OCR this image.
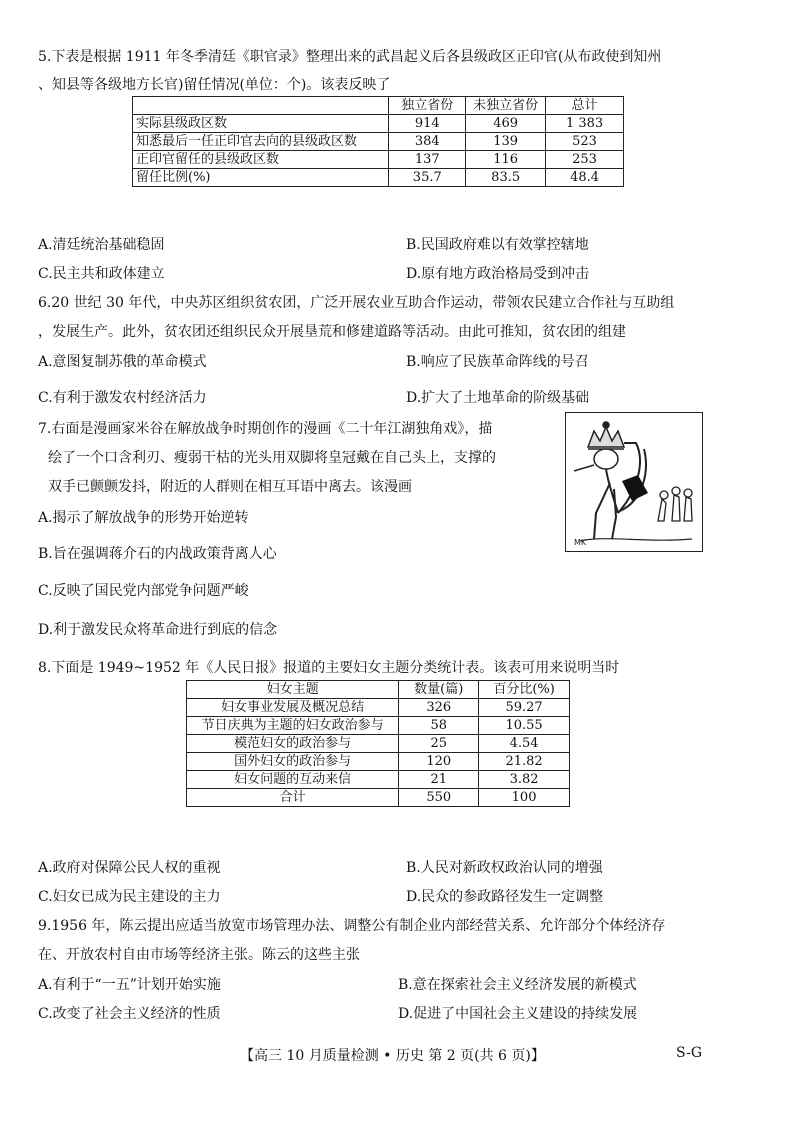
5.下表是根据 1911 年冬季清廷《职官录》整理出来的武昌起义后各县级政区正印官(从布政使到知州
、知县等各级地方长官)留任情况(单位：个)。该表反映了
	独立省份	未独立省份	总计
实际县级政区数	914	469	1 383
知悉最后一任正印官去向的县级政区数	384	139	523
正印官留任的县级政区数	137	116	253
留任比例(%)	35.7	83.5	48.4
A.清廷统治基础稳固	B.民国政府难以有效掌控辖地
C.民主共和政体建立	D.原有地方政治格局受到冲击
6.20 世纪 30 年代，中央苏区组织贫农团，广泛开展农业互助合作运动，带领农民建立合作社与互助组
，发展生产。此外，贫农团还组织民众开展垦荒和修建道路等活动。由此可推知，贫农团的组建
A.意图复制苏俄的革命模式	B.响应了民族革命阵线的号召
C.有利于激发农村经济活力	D.扩大了土地革命的阶级基础
7.右面是漫画家米谷在解放战争时期创作的漫画《二十年江湖独角戏》，描
绘了一个口含利刃、瘦弱干枯的光头用双脚将皇冠戴在自己头上，支撑的
双手已颤颤发抖，附近的人群则在相互耳语中离去。该漫画
MK
A.揭示了解放战争的形势开始逆转
B.旨在强调蒋介石的内战政策背离人心
C.反映了国民党内部党争问题严峻
D.利于激发民众将革命进行到底的信念
8.下面是 1949~1952 年《人民日报》报道的主要妇女主题分类统计表。该表可用来说明当时
妇女主题	数量(篇)	百分比(%)
妇女事业发展及概况总结	326	59.27
节日庆典为主题的妇女政治参与	58	10.55
模范妇女的政治参与	25	4.54
国外妇女的政治参与	120	21.82
妇女问题的互动来信	21	3.82
合计	550	100
A.政府对保障公民人权的重视	B.人民对新政权政治认同的增强
C.妇女已成为民主建设的主力	D.民众的参政路径发生一定调整
9.1956 年，陈云提出应适当放宽市场管理办法、调整公有制企业内部经营关系、允许部分个体经济存
在、开放农村自由市场等经济主张。陈云的这些主张
A.有利于“一五”计划开始实施	B.意在探索社会主义经济发展的新模式
C.改变了社会主义经济的性质	D.促进了中国社会主义建设的持续发展
【高三 10 月质量检测 • 历史 第 2 页(共 6 页)】	S-G
